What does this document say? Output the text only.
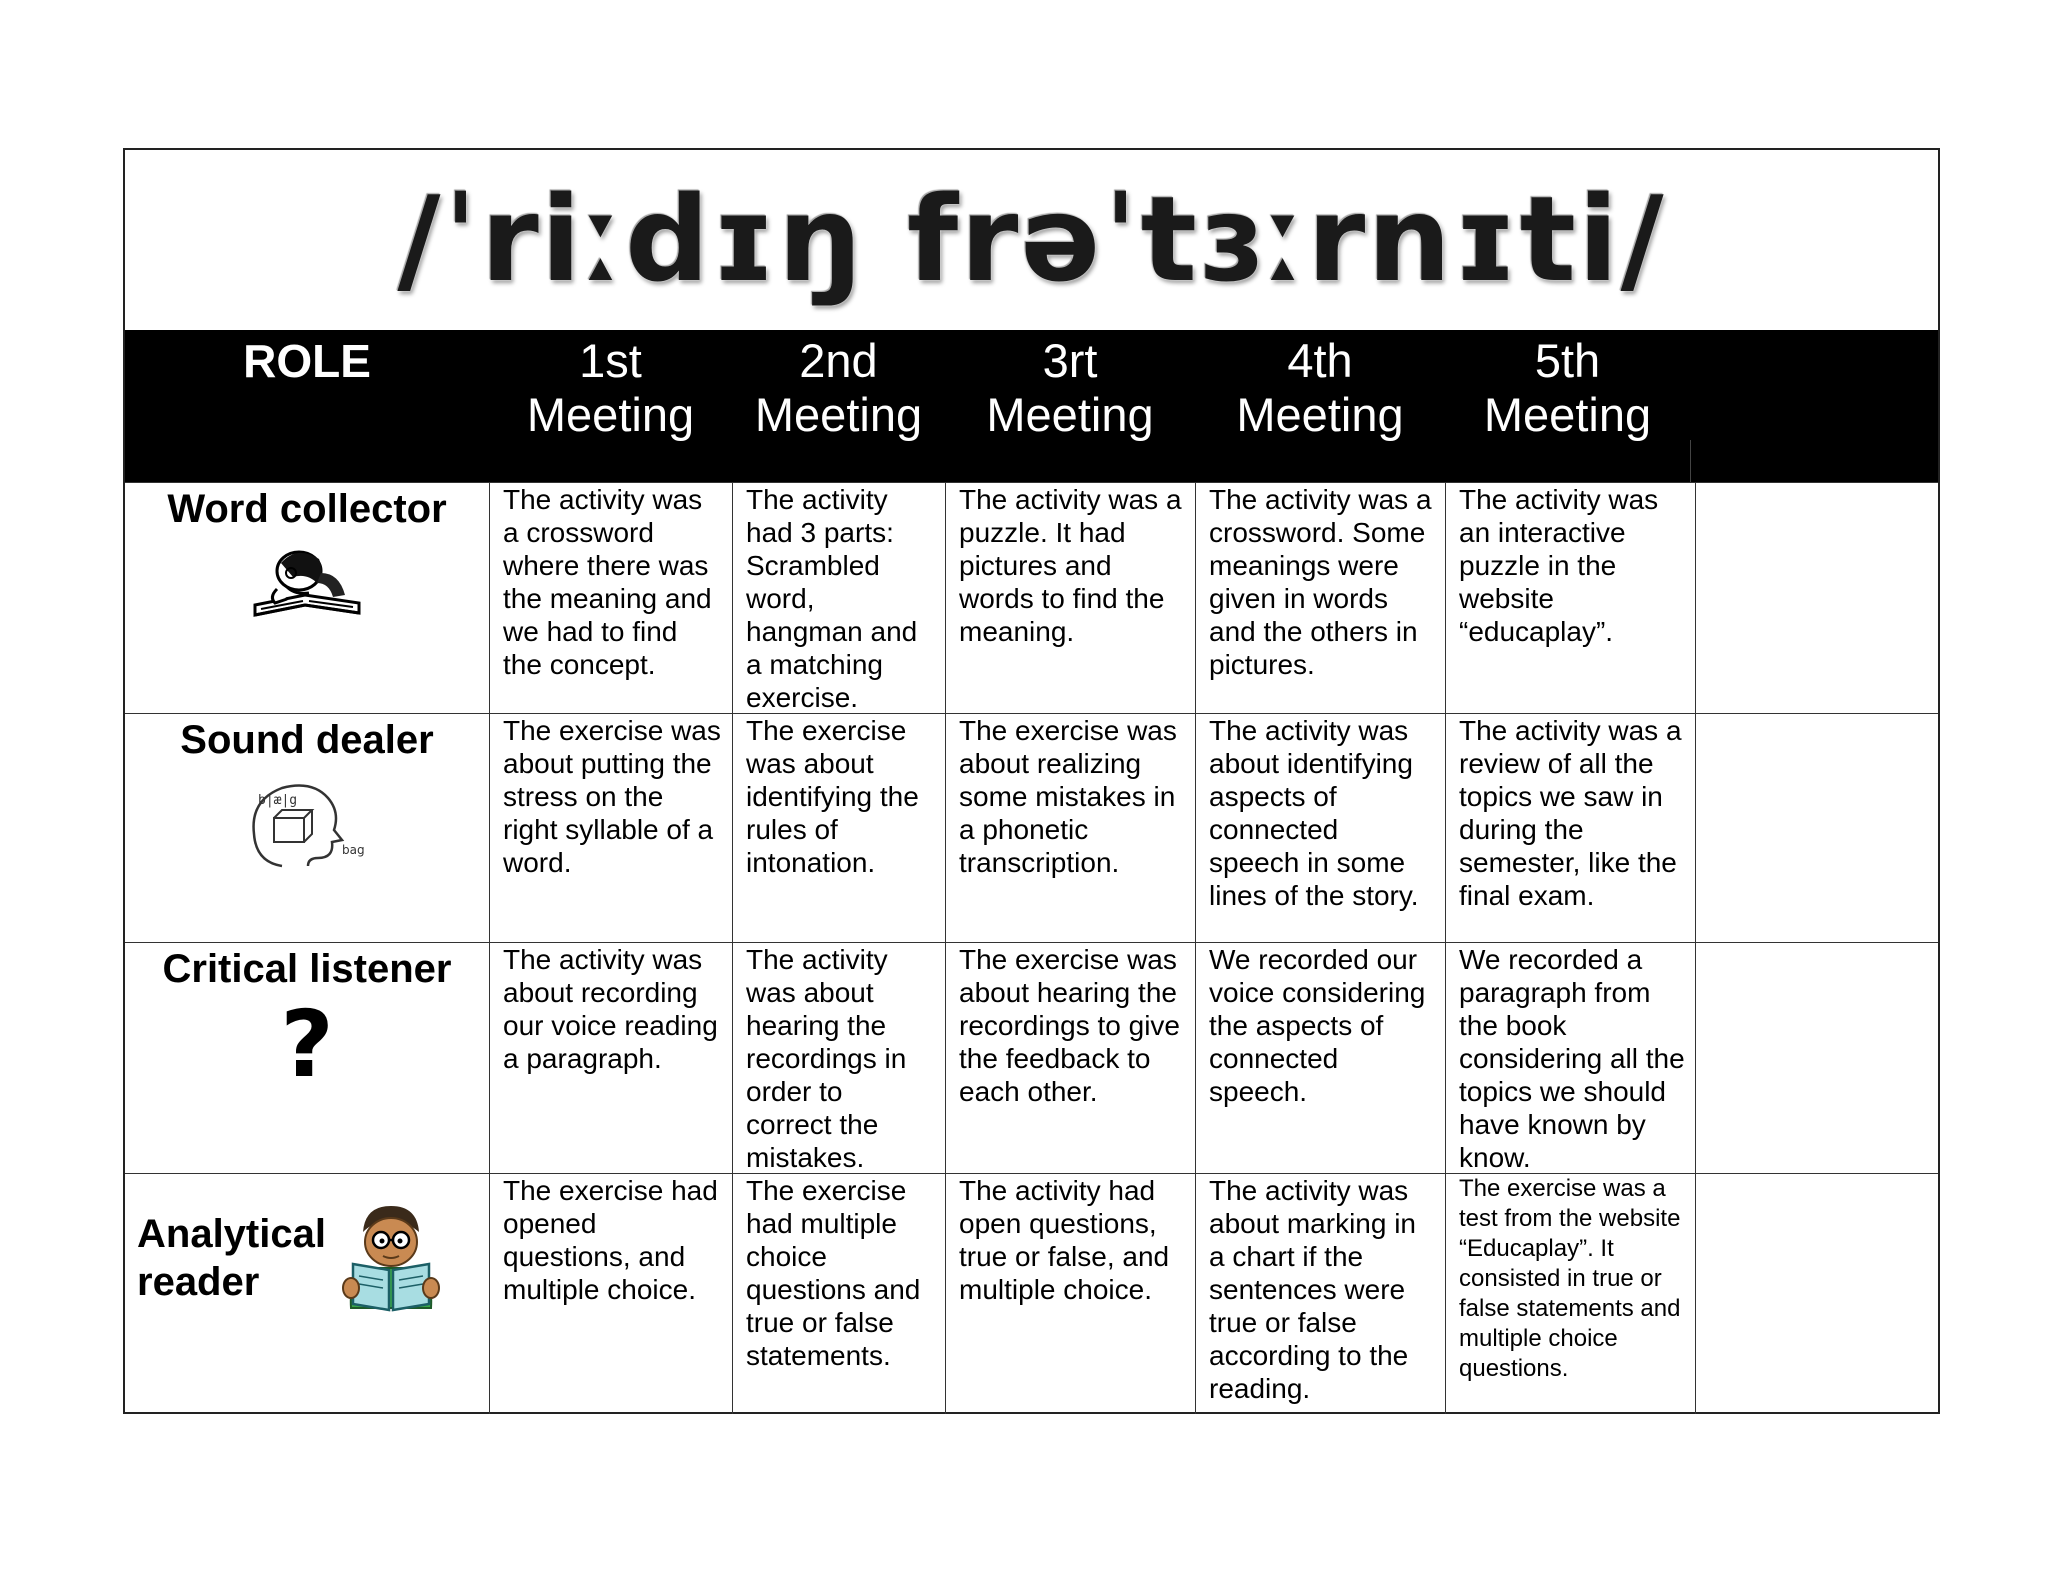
/ˈriːdɪŋ frəˈtɜːrnɪti/
ROLE	1st
Meeting
2nd
Meeting
3rt
Meeting
4th
Meeting
5th
Meeting
Word collector	The activity was a crossword where there was the meaning and we had to find the concept.
The activity had 3 parts: Scrambled word, hangman and a matching exercise.
The activity was a puzzle. It had pictures and words to find the meaning.
The activity was a crossword. Some meanings were given in words and the others in pictures.
The activity was an interactive puzzle in the website “educaplay”.
Sound dealer
b|æ|g
bag
The exercise was about putting the stress on the right syllable of a word.
The exercise was about identifying the rules of intonation.
The exercise was about realizing some mistakes in a phonetic transcription.
The activity was about identifying aspects of connected speech in some lines of the story.
The activity was a review of all the topics we saw in during the semester, like the final exam.
Critical listener
?
The activity was about recording our voice reading a paragraph.
The activity was about hearing the recordings in order to correct the mistakes.
The exercise was about hearing the recordings to give the feedback to each other.
We recorded our voice considering the aspects of connected speech.
We recorded a paragraph from the book considering all the topics we should have known by know.
Analytical
reader
The exercise had opened questions, and multiple choice.
The exercise had multiple choice questions and true or false statements.
The activity had open questions, true or false, and multiple choice.
The activity was about marking in a chart if the sentences were true or false according to the reading.
The exercise was a test from the website “Educaplay”. It consisted in true or false statements and multiple choice questions.
